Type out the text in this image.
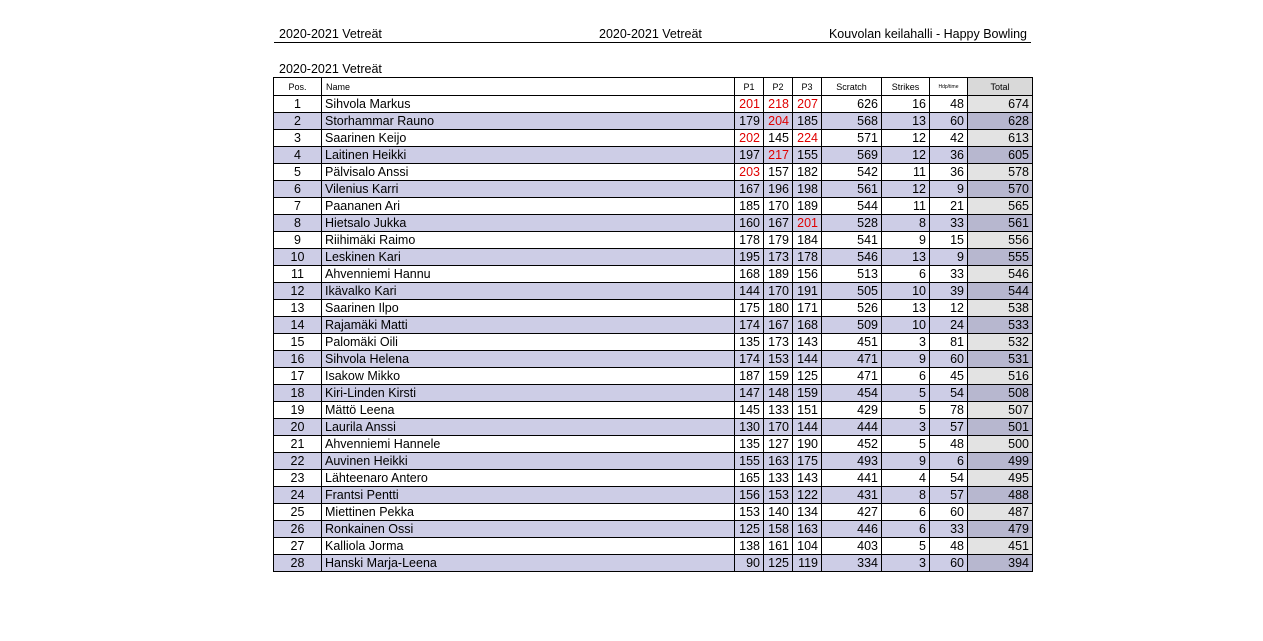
2020-2021 Vetreät	2020-2021 Vetreät	Kouvolan keilahalli - Happy Bowling
2020-2021 Vetreät
Pos.	Name	P1	P2	P3	Scratch	Strikes	Hdp/time	Total
1	Sihvola Markus	201	218	207	626	16	48	674
2	Storhammar Rauno	179	204	185	568	13	60	628
3	Saarinen Keijo	202	145	224	571	12	42	613
4	Laitinen Heikki	197	217	155	569	12	36	605
5	Pälvisalo Anssi	203	157	182	542	11	36	578
6	Vilenius Karri	167	196	198	561	12	9	570
7	Paananen Ari	185	170	189	544	11	21	565
8	Hietsalo Jukka	160	167	201	528	8	33	561
9	Riihimäki Raimo	178	179	184	541	9	15	556
10	Leskinen Kari	195	173	178	546	13	9	555
11	Ahvenniemi Hannu	168	189	156	513	6	33	546
12	Ikävalko Kari	144	170	191	505	10	39	544
13	Saarinen Ilpo	175	180	171	526	13	12	538
14	Rajamäki Matti	174	167	168	509	10	24	533
15	Palomäki Oili	135	173	143	451	3	81	532
16	Sihvola Helena	174	153	144	471	9	60	531
17	Isakow Mikko	187	159	125	471	6	45	516
18	Kiri-Linden Kirsti	147	148	159	454	5	54	508
19	Mättö Leena	145	133	151	429	5	78	507
20	Laurila Anssi	130	170	144	444	3	57	501
21	Ahvenniemi Hannele	135	127	190	452	5	48	500
22	Auvinen Heikki	155	163	175	493	9	6	499
23	Lähteenaro Antero	165	133	143	441	4	54	495
24	Frantsi Pentti	156	153	122	431	8	57	488
25	Miettinen Pekka	153	140	134	427	6	60	487
26	Ronkainen Ossi	125	158	163	446	6	33	479
27	Kalliola Jorma	138	161	104	403	5	48	451
28	Hanski Marja-Leena	90	125	119	334	3	60	394
